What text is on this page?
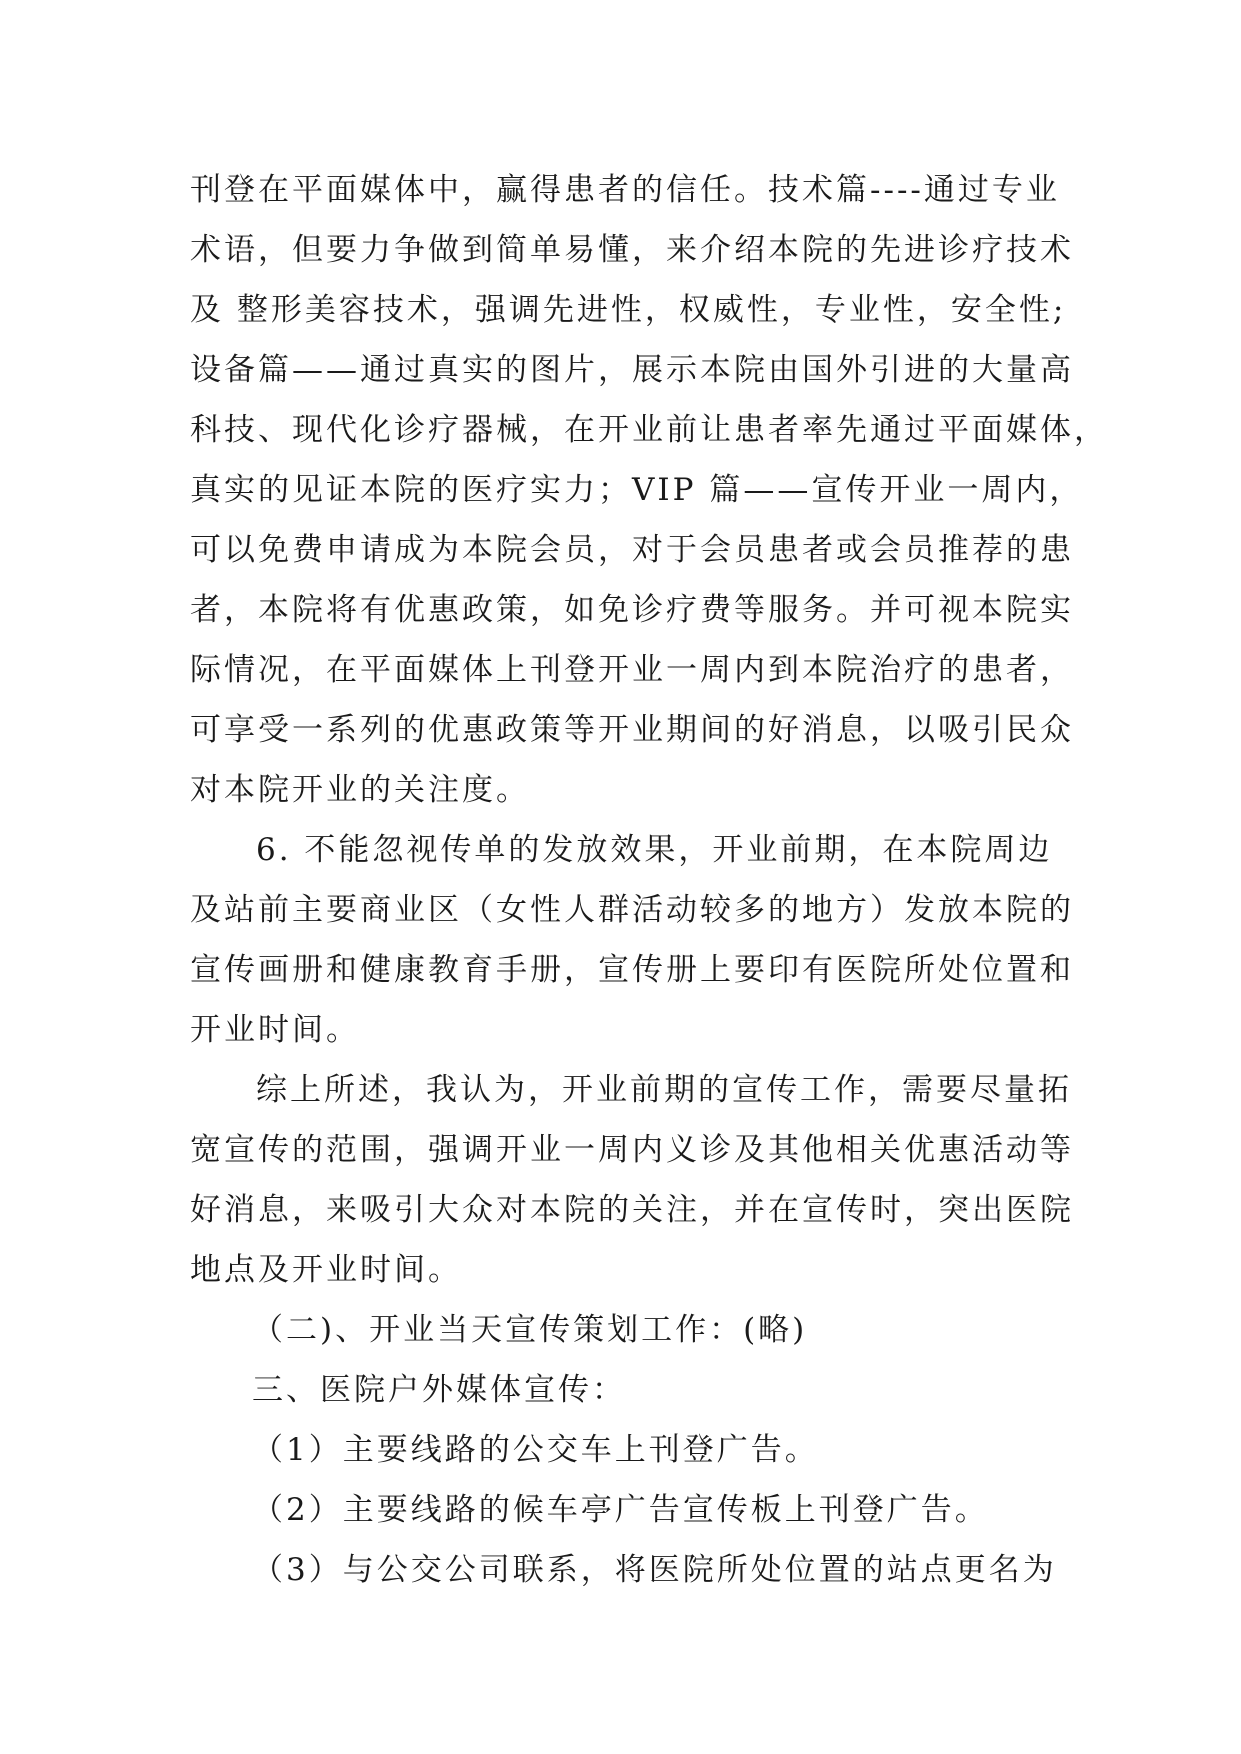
刊登在平面媒体中，赢得患者的信任。技术篇----通过专业
术语，但要力争做到简单易懂，来介绍本院的先进诊疗技术
及 整形美容技术，强调先进性，权威性，专业性，安全性;
设备篇——通过真实的图片，展示本院由国外引进的大量高
科技、现代化诊疗器械，在开业前让患者率先通过平面媒体，
真实的见证本院的医疗实力；VIP 篇——宣传开业一周内，
可以免费申请成为本院会员，对于会员患者或会员推荐的患
者，本院将有优惠政策，如免诊疗费等服务。并可视本院实
际情况，在平面媒体上刊登开业一周内到本院治疗的患者，
可享受一系列的优惠政策等开业期间的好消息，以吸引民众
对本院开业的关注度。
6. 不能忽视传单的发放效果，开业前期，在本院周边
及站前主要商业区（女性人群活动较多的地方）发放本院的
宣传画册和健康教育手册，宣传册上要印有医院所处位置和
开业时间。
综上所述，我认为，开业前期的宣传工作，需要尽量拓
宽宣传的范围，强调开业一周内义诊及其他相关优惠活动等
好消息，来吸引大众对本院的关注，并在宣传时，突出医院
地点及开业时间。
（二)、开业当天宣传策划工作：(略)
三、医院户外媒体宣传：
（1）主要线路的公交车上刊登广告。
（2）主要线路的候车亭广告宣传板上刊登广告。
（3）与公交公司联系，将医院所处位置的站点更名为
